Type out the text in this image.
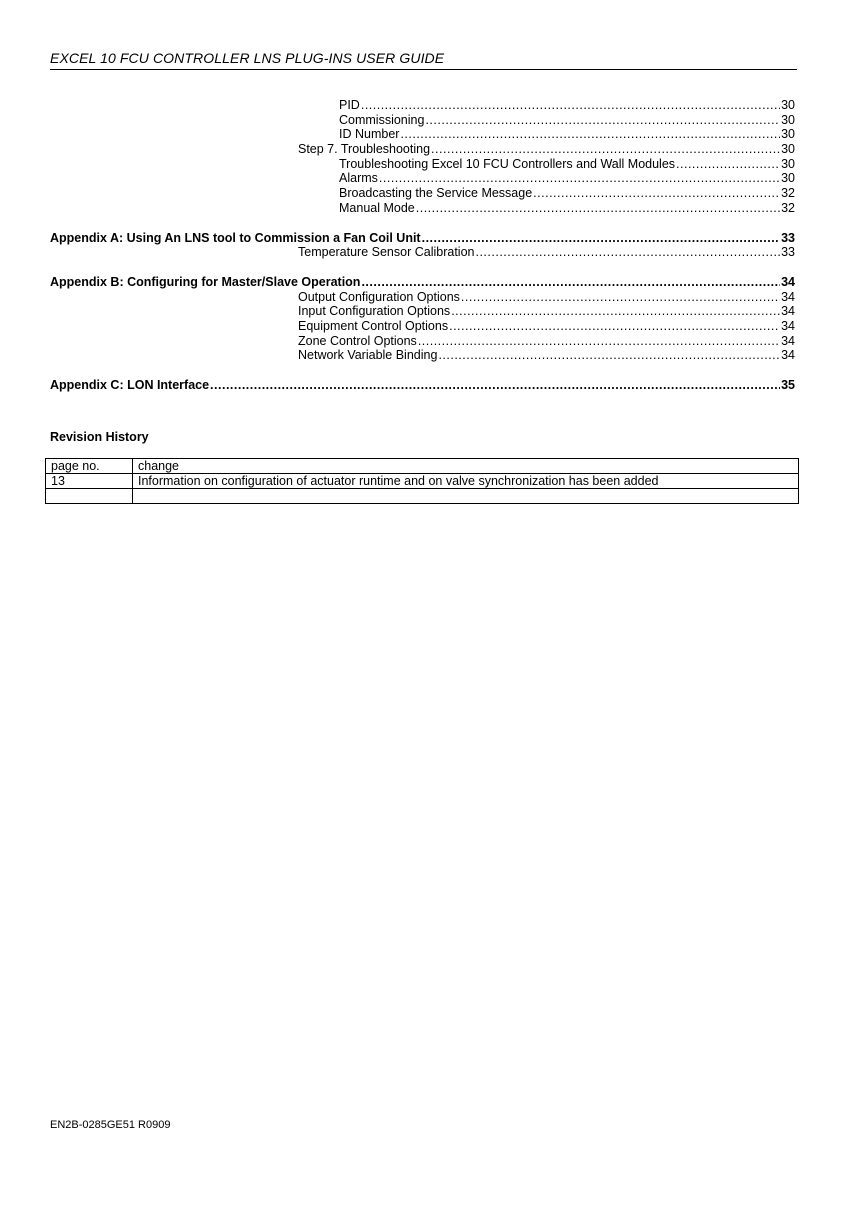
EXCEL 10 FCU CONTROLLER LNS PLUG-INS USER GUIDE
PID .....	30
Commissioning .....	30
ID Number .....	30
Step 7. Troubleshooting .....	30
Troubleshooting Excel 10 FCU Controllers and Wall Modules .....	30
Alarms .....	30
Broadcasting the Service Message .....	32
Manual Mode .....	32
Appendix A: Using An LNS tool to Commission a Fan Coil Unit .....	33
Temperature Sensor Calibration .....	33
Appendix B: Configuring for Master/Slave Operation .....	34
Output Configuration Options .....	34
Input Configuration Options .....	34
Equipment Control Options .....	34
Zone Control Options .....	34
Network Variable Binding .....	34
Appendix C: LON Interface .....	35
Revision History
page no.	change
13	Information on configuration of actuator runtime and on valve synchronization has been added

EN2B-0285GE51 R0909
